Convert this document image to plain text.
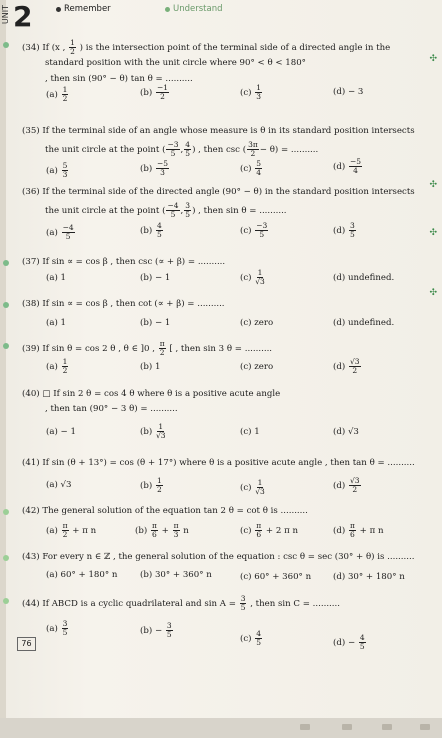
UNIT 2	Remember	Understand
(34) If (x , $\frac{1}{2}$ ) is the intersection point of the terminal side of a directed angle in the
standard position with the unit circle where 90° < θ < 180°
, then sin (90° − θ) tan θ = ..........
$(a) \frac{1}{2}$	$(b) \frac{-1}{2}$	$(c) \frac{1}{3}$	(d) − 3
(35) If the terminal side of an angle whose measure is θ in its standard position intersects
the unit circle at the point ( $\frac{-3}{5}$ , $\frac{4}{5}$ ) , then csc ( $\frac{3\pi}{2} - \theta$) = ..........
$(a) \frac{5}{3}$	$(b) \frac{-5}{3}$	$(c) \frac{5}{4}$	$(d) \frac{-5}{4}$
(36) If the terminal side of the directed angle (90° − θ) in the standard position intersects
the unit circle at the point ( $\frac{-4}{5}$ , $\frac{3}{5}$ ) , then sin θ = ..........
$(a) \frac{-4}{5}$	$(b) \frac{4}{5}$	$(c) \frac{-3}{5}$	$(d) \frac{3}{5}$
(37) If sin ∝ = cos β , then csc (∝ + β) = ..........
(a) 1	(b) − 1	$(c) \frac{1}{√3}$	(d) undefined.
(38) If sin ∝ = cos β , then cot (∝ + β) = ..........
(a) 1	(b) − 1	(c) zero	(d) undefined.
(39) If sin θ = cos 2 θ , θ ∈ ]0 , $\frac{\pi}{2}$ [ , then sin 3 θ = ..........
$(a) \frac{1}{2}$	(b) 1	(c) zero	$(d) \frac{√3}{2}$
(40) □ If sin 2 θ = cos 4 θ where θ is a positive acute angle
, then tan (90° − 3 θ) = ..........
(a) − 1	$(b) \frac{1}{√3}$	(c) 1	(d) √3
(41) If sin (θ + 13°) = cos (θ + 17°) where θ is a positive acute angle , then tan θ = ..........
(a) √3	$(b) \frac{1}{2}$	$(c) \frac{1}{√3}$	$(d) \frac{√3}{2}$
(42) The general solution of the equation tan 2 θ = cot θ is ..........
$(a) \frac{\pi}{2} + \pi$ n	$(b) \frac{\pi}{6} + \frac{\pi}{3}$ n	$(c) \frac{\pi}{6} + 2$ π n	$(d) \frac{\pi}{6} + \pi$ n
(43) For every n ∈ ℤ , the general solution of the equation : csc θ = sec (30° + θ) is ..........
(a) 60° + 180° n	(b) 30° + 360° n	(c) 60° + 360° n	(d) 30° + 180° n
(44) If ABCD is a cyclic quadrilateral and $\sin A = \frac{3}{5}$ , then sin C = ..........
$(a) \frac{3}{5}$	$(b) - \frac{3}{5}$	$(c) \frac{4}{5}$	$(d) - \frac{4}{5}$
76
✣
✣
✣
✣
